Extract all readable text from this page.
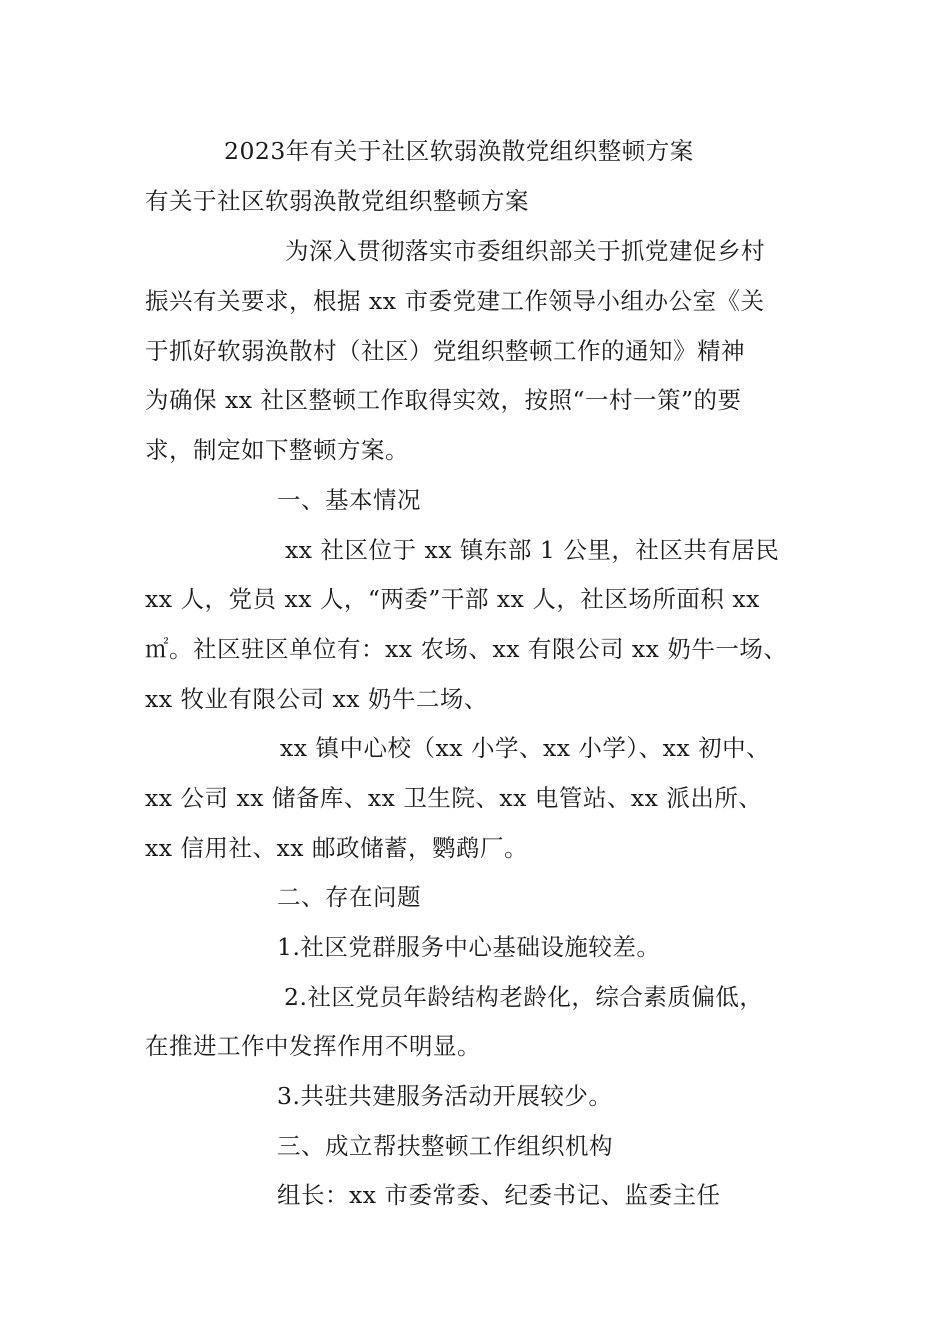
2023年有关于社区软弱涣散党组织整顿方案
有关于社区软弱涣散党组织整顿方案
为深入贯彻落实市委组织部关于抓党建促乡村
振兴有关要求，根据 xx 市委党建工作领导小组办公室《关
于抓好软弱涣散村（社区）党组织整顿工作的通知》精神
为确保 xx 社区整顿工作取得实效，按照“一村一策”的要
求，制定如下整顿方案。
一、基本情况
xx 社区位于 xx 镇东部 1 公里，社区共有居民
xx 人，党员 xx 人，“两委”干部 xx 人，社区场所面积 xx
㎡。社区驻区单位有：xx 农场、xx 有限公司 xx 奶牛一场、
xx 牧业有限公司 xx 奶牛二场、
xx 镇中心校（xx 小学、xx 小学）、xx 初中、
xx 公司 xx 储备库、xx 卫生院、xx 电管站、xx 派出所、
xx 信用社、xx 邮政储蓄，鹦鹉厂。
二、存在问题
1.社区党群服务中心基础设施较差。
2.社区党员年龄结构老龄化，综合素质偏低，
在推进工作中发挥作用不明显。
3.共驻共建服务活动开展较少。
三、成立帮扶整顿工作组织机构
组长：xx 市委常委、纪委书记、监委主任
